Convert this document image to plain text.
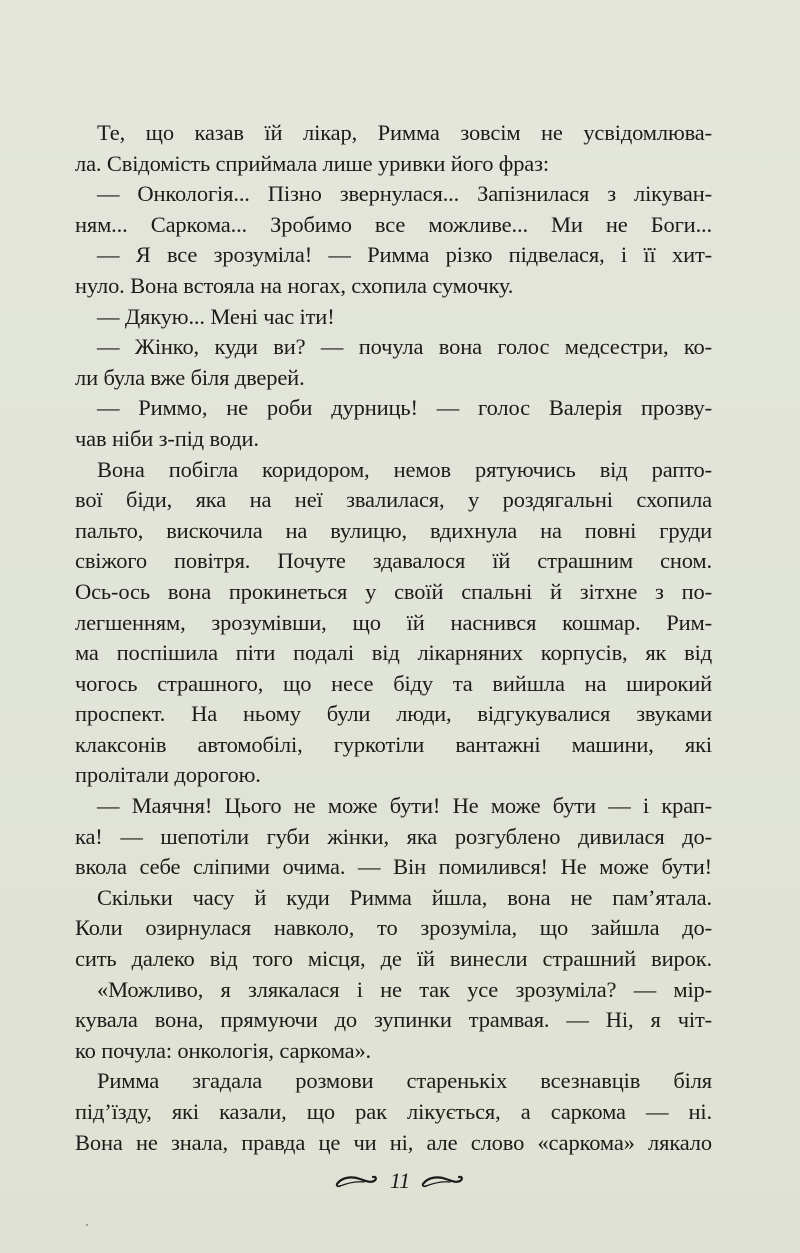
Те, що казав їй лікар, Римма зовсім не усвідомлюва-
ла. Свідомість сприймала лише уривки його фраз:
— Онкологія... Пізно звернулася... Запізнилася з лікуван-
ням... Саркома... Зробимо все можливе... Ми не Боги...
— Я все зрозуміла! — Римма різко підвелася, і її хит-
нуло. Вона встояла на ногах, схопила сумочку.
— Дякую... Мені час іти!
— Жінко, куди ви? — почула вона голос медсестри, ко-
ли була вже біля дверей.
— Риммо, не роби дурниць! — голос Валерія прозву-
чав ніби з-під води.
Вона побігла коридором, немов рятуючись від рапто-
вої біди, яка на неї звалилася, у роздягальні схопила
пальто, вискочила на вулицю, вдихнула на повні груди
свіжого повітря. Почуте здавалося їй страшним сном.
Ось-ось вона прокинеться у своїй спальні й зітхне з по-
легшенням, зрозумівши, що їй наснився кошмар. Рим-
ма поспішила піти подалі від лікарняних корпусів, як від
чогось страшного, що несе біду та вийшла на широкий
проспект. На ньому були люди, відгукувалися звуками
клаксонів автомобілі, гуркотіли вантажні машини, які
пролітали дорогою.
— Маячня! Цього не може бути! Не може бути — і крап-
ка! — шепотіли губи жінки, яка розгублено дивилася до-
вкола себе сліпими очима. — Він помилився! Не може бути!
Скільки часу й куди Римма йшла, вона не пам’ятала.
Коли озирнулася навколо, то зрозуміла, що зайшла до-
сить далеко від того місця, де їй винесли страшний вирок.
«Можливо, я злякалася і не так усе зрозуміла? — мір-
кувала вона, прямуючи до зупинки трамвая. — Ні, я чіт-
ко почула: онкологія, саркома».
Римма згадала розмови старенькіх всезнавців біля
під’їзду, які казали, що рак лікується, а саркома — ні.
Вона не знала, правда це чи ні, але слово «саркома» лякало
11
